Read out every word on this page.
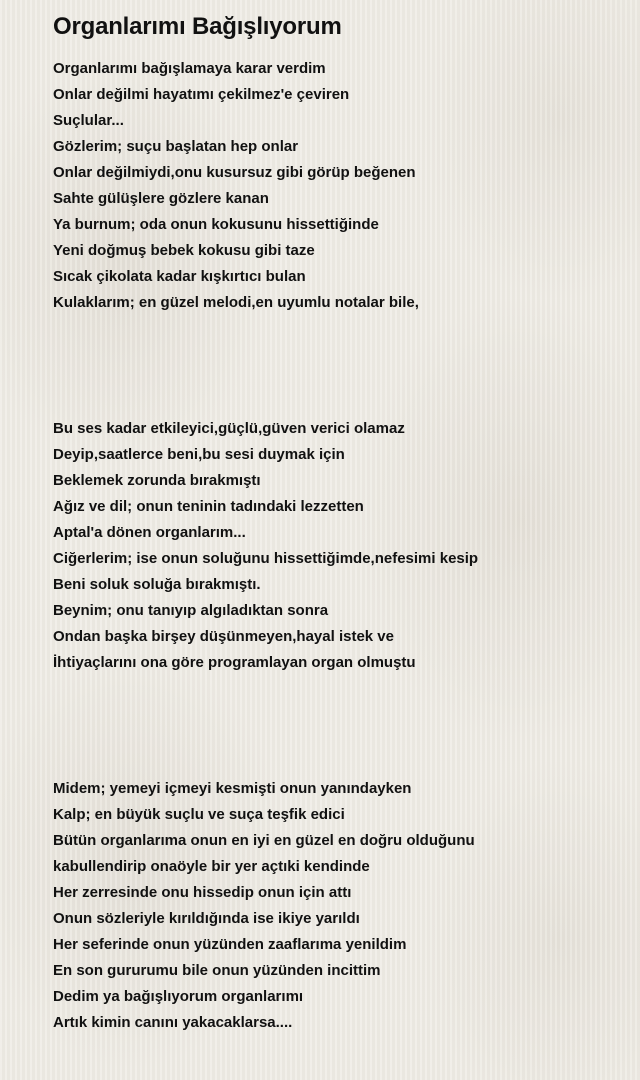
Organlarımı Bağışlıyorum
Organlarımı bağışlamaya karar verdim
Onlar değilmi hayatımı çekilmez'e çeviren
Suçlular...
Gözlerim; suçu başlatan hep onlar
Onlar değilmiydi,onu kusursuz gibi görüp beğenen
Sahte gülüşlere gözlere kanan
Ya burnum; oda onun kokusunu hissettiğinde
Yeni doğmuş bebek kokusu gibi taze
Sıcak çikolata kadar kışkırtıcı bulan
Kulaklarım; en güzel melodi,en uyumlu notalar bile,
Bu ses kadar etkileyici,güçlü,güven verici olamaz
Deyip,saatlerce beni,bu sesi duymak için
Beklemek zorunda bırakmıştı
Ağız ve dil; onun teninin tadındaki lezzetten
Aptal'a dönen organlarım...
Ciğerlerim; ise onun soluğunu hissettiğimde,nefesimi kesip
Beni soluk soluğa bırakmıştı.
Beynim; onu tanıyıp algıladıktan sonra
Ondan başka birşey düşünmeyen,hayal istek ve
İhtiyaçlarını ona göre programlayan organ olmuştu
Midem; yemeyi içmeyi kesmişti onun yanındayken
Kalp; en büyük suçlu ve suça teşfik edici
Bütün organlarıma onun en iyi en güzel en doğru olduğunu
kabullendirip onaöyle bir yer açtıki kendinde
Her zerresinde onu hissedip onun için attı
Onun sözleriyle kırıldığında ise ikiye yarıldı
Her seferinde onun yüzünden zaaflarıma yenildim
En son gururumu bile onun yüzünden incittim
Dedim ya bağışlıyorum organlarımı
Artık kimin canını yakacaklarsa....
